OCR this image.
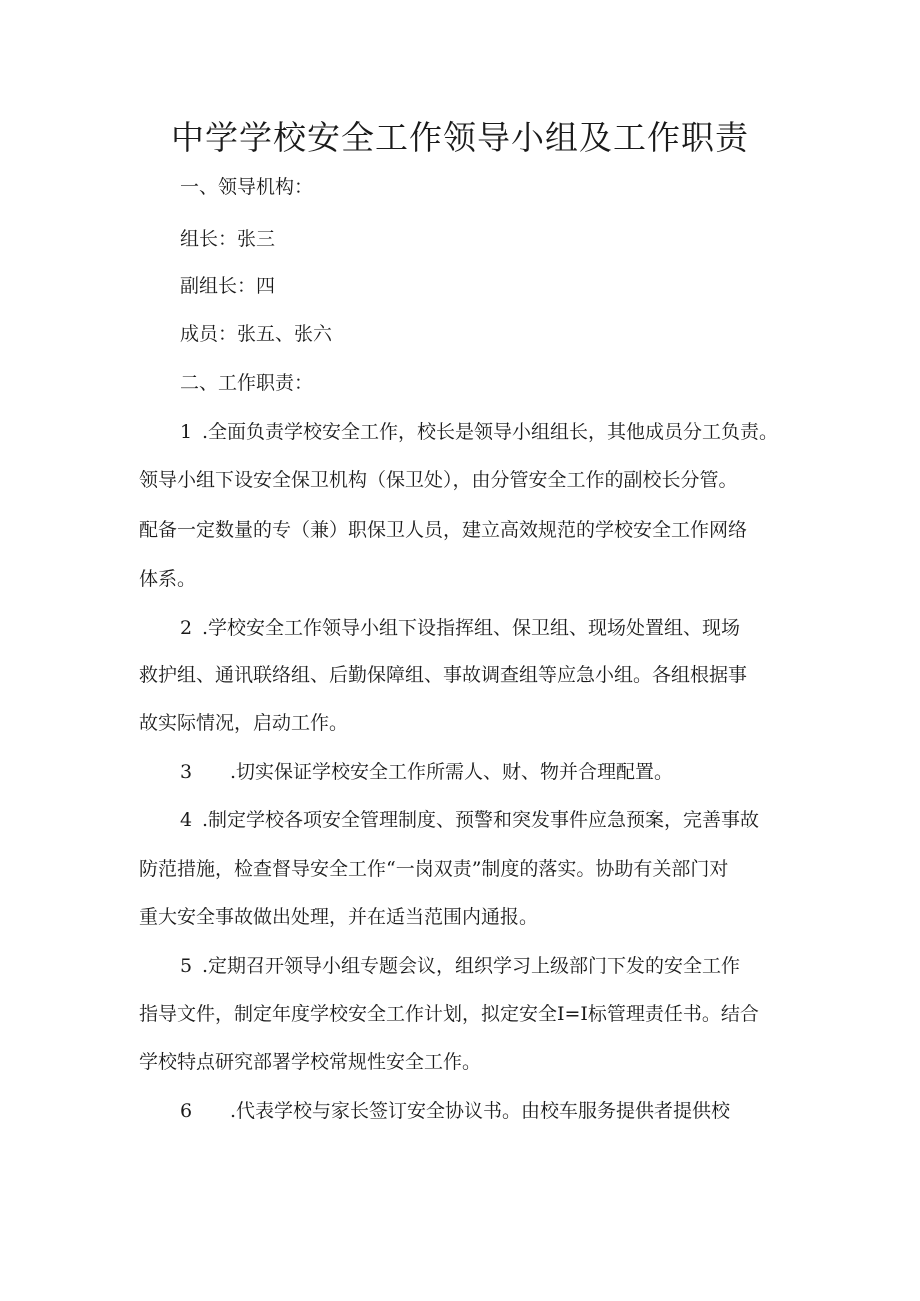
中学学校安全工作领导小组及工作职责
一、领导机构：
组长：张三
副组长：四
成员：张五、张六
二、工作职责：
1 .全面负责学校安全工作，校长是领导小组组长，其他成员分工负责。
领导小组下设安全保卫机构（保卫处），由分管安全工作的副校长分管。
配备一定数量的专（兼）职保卫人员，建立高效规范的学校安全工作网络
体系。
2 .学校安全工作领导小组下设指挥组、保卫组、现场处置组、现场
救护组、通讯联络组、后勤保障组、事故调查组等应急小组。各组根据事
故实际情况，启动工作。
3 .切实保证学校安全工作所需人、财、物并合理配置。
4 .制定学校各项安全管理制度、预警和突发事件应急预案，完善事故
防范措施，检查督导安全工作“一岗双责”制度的落实。协助有关部门对
重大安全事故做出处理，并在适当范围内通报。
5 .定期召开领导小组专题会议，组织学习上级部门下发的安全工作
指导文件，制定年度学校安全工作计划，拟定安全I=I标管理责任书。结合
学校特点研究部署学校常规性安全工作。
6 .代表学校与家长签订安全协议书。由校车服务提供者提供校
